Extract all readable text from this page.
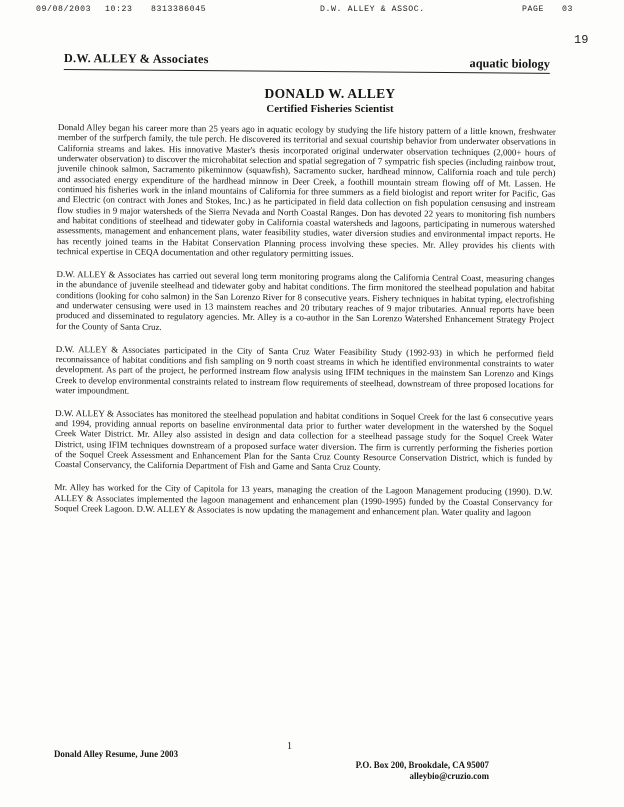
09/08/2003 10:23 8313386045	D.W. ALLEY & ASSOC.	PAGE 03
19
D.W. ALLEY & Associates	aquatic biology
DONALD W. ALLEY
Certified Fisheries Scientist

Donald Alley began his career more than 25 years ago in aquatic ecology by studying the life history pattern of a little known, freshwater member of the surfperch family, the tule perch. He discovered its territorial and sexual courtship behavior from underwater observations in California streams and lakes. His innovative Master's thesis incorporated original underwater observation techniques (2,000+ hours of underwater observation) to discover the microhabitat selection and spatial segregation of 7 sympatric fish species (including rainbow trout, juvenile chinook salmon, Sacramento pikeminnow (squawfish), Sacramento sucker, hardhead minnow, California roach and tule perch) and associated energy expenditure of the hardhead minnow in Deer Creek, a foothill mountain stream flowing off of Mt. Lassen. He continued his fisheries work in the inland mountains of California for three summers as a field biologist and report writer for Pacific, Gas and Electric (on contract with Jones and Stokes, Inc.) as he participated in field data collection on fish population censusing and instream flow studies in 9 major watersheds of the Sierra Nevada and North Coastal Ranges. Don has devoted 22 years to monitoring fish numbers and habitat conditions of steelhead and tidewater goby in California coastal watersheds and lagoons, participating in numerous watershed assessments, management and enhancement plans, water feasibility studies, water diversion studies and environmental impact reports. He has recently joined teams in the Habitat Conservation Planning process involving these species. Mr. Alley provides his clients with technical expertise in CEQA documentation and other regulatory permitting issues.

D.W. ALLEY & Associates has carried out several long term monitoring programs along the California Central Coast, measuring changes in the abundance of juvenile steelhead and tidewater goby and habitat conditions. The firm monitored the steelhead population and habitat conditions (looking for coho salmon) in the San Lorenzo River for 8 consecutive years. Fishery techniques in habitat typing, electrofishing and underwater censusing were used in 13 mainstem reaches and 20 tributary reaches of 9 major tributaries. Annual reports have been produced and disseminated to regulatory agencies. Mr. Alley is a co-author in the San Lorenzo Watershed Enhancement Strategy Project for the County of Santa Cruz.

D.W. ALLEY & Associates participated in the City of Santa Cruz Water Feasibility Study (1992-93) in which he performed field reconnaissance of habitat conditions and fish sampling on 9 north coast streams in which he identified environmental constraints to water development. As part of the project, he performed instream flow analysis using IFIM techniques in the mainstem San Lorenzo and Kings Creek to develop environmental constraints related to instream flow requirements of steelhead, downstream of three proposed locations for water impoundment.

D.W. ALLEY & Associates has monitored the steelhead population and habitat conditions in Soquel Creek for the last 6 consecutive years and 1994, providing annual reports on baseline environmental data prior to further water development in the watershed by the Soquel Creek Water District. Mr. Alley also assisted in design and data collection for a steelhead passage study for the Soquel Creek Water District, using IFIM techniques downstream of a proposed surface water diversion. The firm is currently performing the fisheries portion of the Soquel Creek Assessment and Enhancement Plan for the Santa Cruz County Resource Conservation District, which is funded by Coastal Conservancy, the California Department of Fish and Game and Santa Cruz County.

Mr. Alley has worked for the City of Capitola for 13 years, managing the creation of the Lagoon Management producing (1990). D.W. ALLEY & Associates implemented the lagoon management and enhancement plan (1990-1995) funded by the Coastal Conservancy for Soquel Creek Lagoon. D.W. ALLEY & Associates is now updating the management and enhancement plan. Water quality and lagoon

Donald Alley Resume, June 2003
1
P.O. Box 200, Brookdale, CA 95007
alleybio@cruzio.com
